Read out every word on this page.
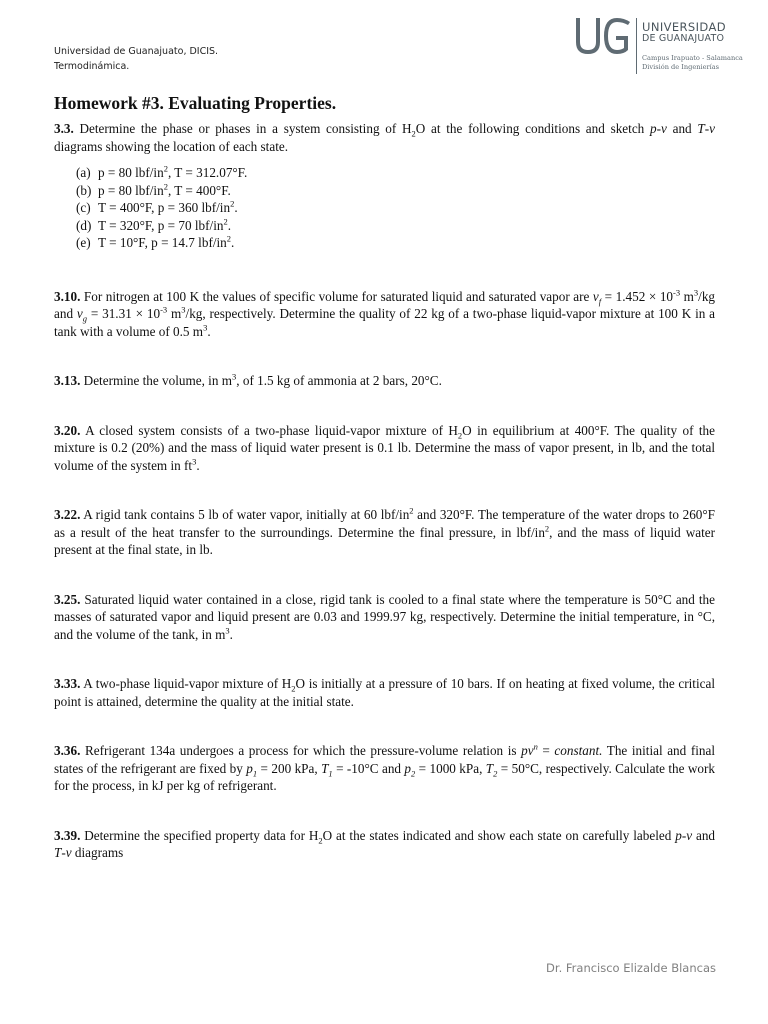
Universidad de Guanajuato, DICIS.
Termodinámica.
UNIVERSIDAD
DE GUANAJUATO
Campus Irapuato - Salamanca
División de Ingenierías
Homework #3. Evaluating Properties.

3.3. Determine the phase or phases in a system consisting of $H_2O$ at the following conditions and sketch p-v and T-v diagrams showing the location of each state.

(a) p = 80 lbf/$in^2$, T = 312.07°F.
(b) p = 80 lbf/$in^2$, T = 400°F.
(c) T = 400°F, p = 360 lbf/$in^2$.
(d) T = 320°F, p = 70 lbf/$in^2$.
(e) T = 10°F, p = 14.7 lbf/$in^2$.

3.10. For nitrogen at 100 K the values of specific volume for saturated liquid and saturated vapor are $v_f = 1.452 \times 10^{-3}$ $m^3/kg$ and $v_g = 31.31 \times 10^{-3}$ $m^3/kg$, respectively. Determine the quality of 22 kg of a two-phase liquid-vapor mixture at 100 K in a tank with a volume of 0.5 $m^3$.

3.13. Determine the volume, in $m^3$, of 1.5 kg of ammonia at 2 bars, 20°C.

3.20. A closed system consists of a two-phase liquid-vapor mixture of $H_2O$ in equilibrium at 400°F. The quality of the mixture is 0.2 (20%) and the mass of liquid water present is 0.1 lb. Determine the mass of vapor present, in lb, and the total volume of the system in $ft^3$.

3.22. A rigid tank contains 5 lb of water vapor, initially at 60 lbf/$in^2$ and 320°F. The temperature of the water drops to 260°F as a result of the heat transfer to the surroundings. Determine the final pressure, in lbf/$in^2$, and the mass of liquid water present at the final state, in lb.

3.25. Saturated liquid water contained in a close, rigid tank is cooled to a final state where the temperature is 50°C and the masses of saturated vapor and liquid present are 0.03 and 1999.97 kg, respectively. Determine the initial temperature, in °C, and the volume of the tank, in $m^3$.

3.33. A two-phase liquid-vapor mixture of $H_2O$ is initially at a pressure of 10 bars. If on heating at fixed volume, the critical point is attained, determine the quality at the initial state.

3.36. Refrigerant 134a undergoes a process for which the pressure-volume relation is $pv^n$ = constant. The initial and final states of the refrigerant are fixed by $p_1 = 200$ kPa, $T_1 = -10^\circ C$ and $p_2 = 1000$ kPa, $T_2 = 50^\circ C$, respectively. Calculate the work for the process, in kJ per kg of refrigerant.

3.39. Determine the specified property data for $H_2O$ at the states indicated and show each state on carefully labeled p-v and T-v diagrams

Dr. Francisco Elizalde Blancas
